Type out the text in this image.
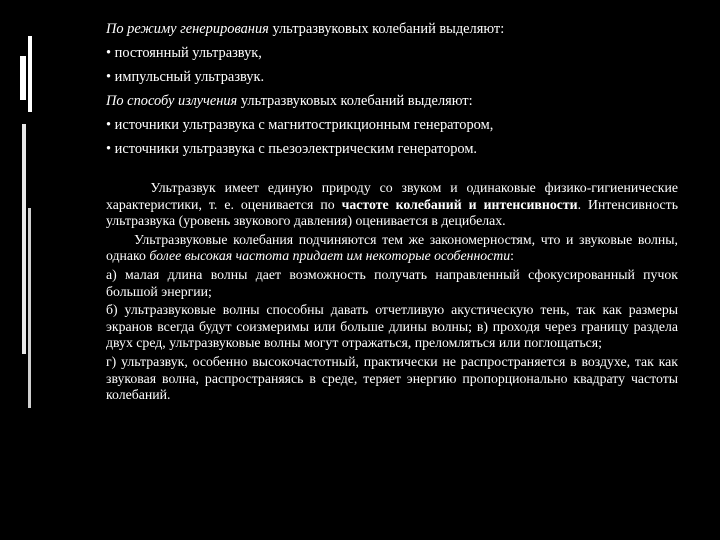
По режиму генерирования ультразвуковых колебаний выделяют:
• постоянный ультразвук,
• импульсный ультразвук.
По способу излучения ультразвуковых колебаний выделяют:
• источники ультразвука с магнитострикционным генератором,
• источники ультразвука с пьезоэлектрическим генератором.
Ультразвук имеет единую природу со звуком и одинаковые физико-гигиенические характеристики, т. е. оценивается по частоте колебаний и интенсивности. Интенсивность ультразвука (уровень звукового давления) оценивается в децибелах.
Ультразвуковые колебания подчиняются тем же закономерностям, что и звуковые волны, однако более высокая частота придает им некоторые особенности:
а) малая длина волны дает возможность получать направленный сфокусированный пучок большой энергии;
б) ультразвуковые волны способны давать отчетливую акустическую тень, так как размеры экранов всегда будут соизмеримы или больше длины волны; в) проходя через границу раздела двух сред, ультразвуковые волны могут отражаться, преломляться или поглощаться;
г) ультразвук, особенно высокочастотный, практически не распространяется в воздухе, так как звуковая волна, распространяясь в среде, теряет энергию пропорционально квадрату частоты колебаний.
